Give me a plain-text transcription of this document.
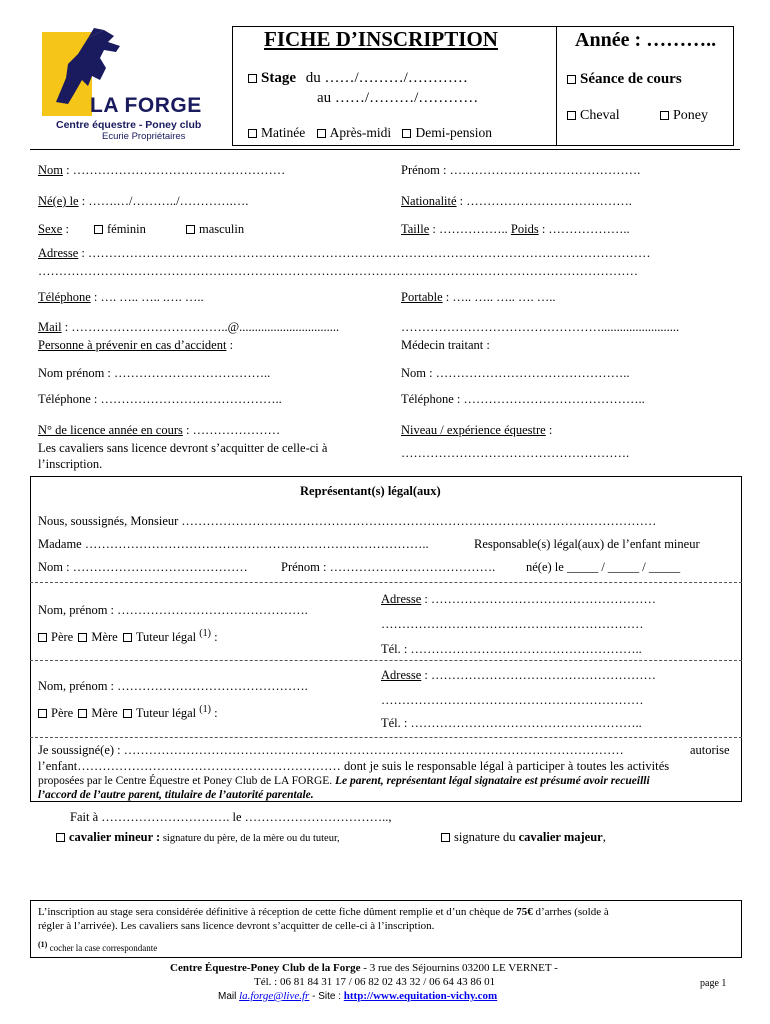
LA FORGE
Centre équestre - Poney club
Ecurie Propriétaires
FICHE D’INSCRIPTION
Stage du ……/………/…………
au ……/………/…………
Matinée Après-midi Demi-pension
Année : ………..
Séance de cours
Cheval	Poney
Nom : ……………………………………………	Prénom : ……………………………………….
Né(e) le : …….…/………../………….….	Nationalité : ………………………………….
Sexe :	féminin	masculin	Taille : …………….. Poids : ………………..
Adresse : ………………………………………………………………………………………………………………………
………………………………………………………………………………………………………………………………
Téléphone : …. ….. ….. .…. …..	Portable : ….. ….. ….. …. …..
Mail : ………………………………..@................................	………………………………………….........................
Personne à prévenir en cas d’accident :	Médecin traitant :
Nom prénom : ………………………………..	Nom : ………………………………………..
Téléphone : ……………………………………..	Téléphone : ……………………………………..
N° de licence année en cours : …………………
Les cavaliers sans licence devront s’acquitter de celle-ci à
l’inscription.
Niveau / expérience équestre :
……………………………………………….
Représentant(s) légal(aux)
Nous, soussignés, Monsieur ……………………………………………………………………………………………………
Madame ………………………………………………………………………..	Responsable(s) légal(aux) de l’enfant mineur
Nom : ……………………………………	Prénom : …………………………………. né(e) le _____ / _____ / _____
Adresse : ………………………………………………
Nom, prénom : ……………………………………….
………………………………………………………
Père Mère Tuteur légal $^{(1)}$ :
Tél. : ………………………………………………..
Adresse : ………………………………………………
Nom, prénom : ……………………………………….
………………………………………………………
Père Mère Tuteur légal $^{(1)}$ :
Tél. : ………………………………………………..
Je soussigné(e) : …………………………………………………………………………………………………………	autorise
l’enfant……………………………………………………… dont je suis le responsable légal à participer à toutes les activités
proposées par le Centre Équestre et Poney Club de LA FORGE. Le parent, représentant légal signataire est présumé avoir recueilli
l’accord de l’autre parent, titulaire de l’autorité parentale.
Fait à …………………………. le ……………………………..,
cavalier mineur : signature du père, de la mère ou du tuteur,	signature du cavalier majeur,
L’inscription au stage sera considérée définitive à réception de cette fiche dûment remplie et d’un chèque de 75€ d’arrhes (solde à
régler à l’arrivée). Les cavaliers sans licence devront s’acquitter de celle-ci à l’inscription.
$^{(1)}$ cocher la case correspondante
Centre Équestre-Poney Club de la Forge - 3 rue des Séjournins 03200 LE VERNET -
Tél. : 06 81 84 31 17 / 06 82 02 43 32 / 06 64 43 86 01	page 1
Mail la.forge@live.fr - Site : http://www.equitation-vichy.com
